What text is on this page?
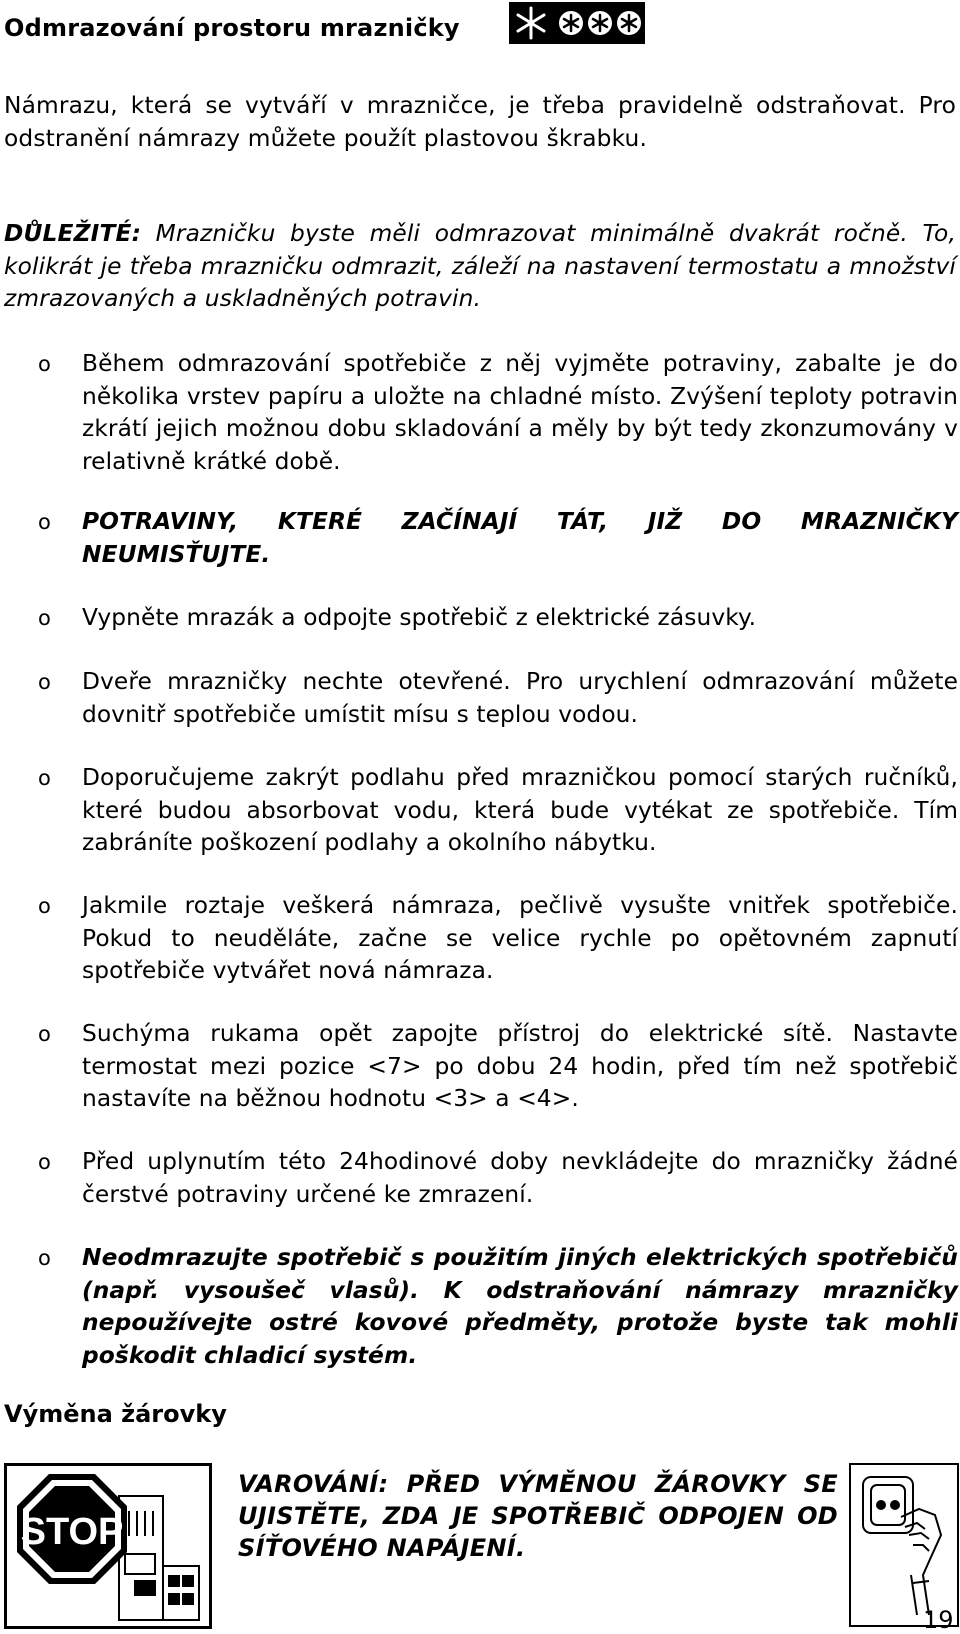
Odmrazování prostoru mrazničky
Námrazu, která se vytváří v mrazničce, je třeba pravidelně odstraňovat. Pro odstranění námrazy můžete použít plastovou škrabku.
DŮLEŽITÉ: Mrazničku byste měli odmrazovat minimálně dvakrát ročně. To, kolikrát je třeba mrazničku odmrazit, záleží na nastavení termostatu a množství zmrazovaných a uskladněných potravin.
o Během odmrazování spotřebiče z něj vyjměte potraviny, zabalte je do několika vrstev papíru a uložte na chladné místo. Zvýšení teploty potravin zkrátí jejich možnou dobu skladování a měly by být tedy zkonzumovány v relativně krátké době.
o POTRAVINY, KTERÉ ZAČÍNAJÍ TÁT, JIŽ DO MRAZNIČKY NEUMISŤUJTE.
o Vypněte mrazák a odpojte spotřebič z elektrické zásuvky.
o Dveře mrazničky nechte otevřené. Pro urychlení odmrazování můžete dovnitř spotřebiče umístit mísu s teplou vodou.
o Doporučujeme zakrýt podlahu před mrazničkou pomocí starých ručníků, které budou absorbovat vodu, která bude vytékat ze spotřebiče. Tím zabráníte poškození podlahy a okolního nábytku.
o Jakmile roztaje veškerá námraza, pečlivě vysušte vnitřek spotřebiče. Pokud to neuděláte, začne se velice rychle po opětovném zapnutí spotřebiče vytvářet nová námraza.
o Suchýma rukama opět zapojte přístroj do elektrické sítě. Nastavte termostat mezi pozice <7> po dobu 24 hodin, před tím než spotřebič nastavíte na běžnou hodnotu <3> a <4>.
o Před uplynutím této 24hodinové doby nevkládejte do mrazničky žádné čerstvé potraviny určené ke zmrazení.
o Neodmrazujte spotřebič s použitím jiných elektrických spotřebičů (např. vysoušeč vlasů). K odstraňování námrazy mrazničky nepoužívejte ostré kovové předměty, protože byste tak mohli poškodit chladicí systém.
Výměna žárovky
STOP
VAROVÁNÍ: PŘED VÝMĚNOU ŽÁROVKY SE UJISTĚTE, ZDA JE SPOTŘEBIČ ODPOJEN OD SÍŤOVÉHO NAPÁJENÍ.
19
